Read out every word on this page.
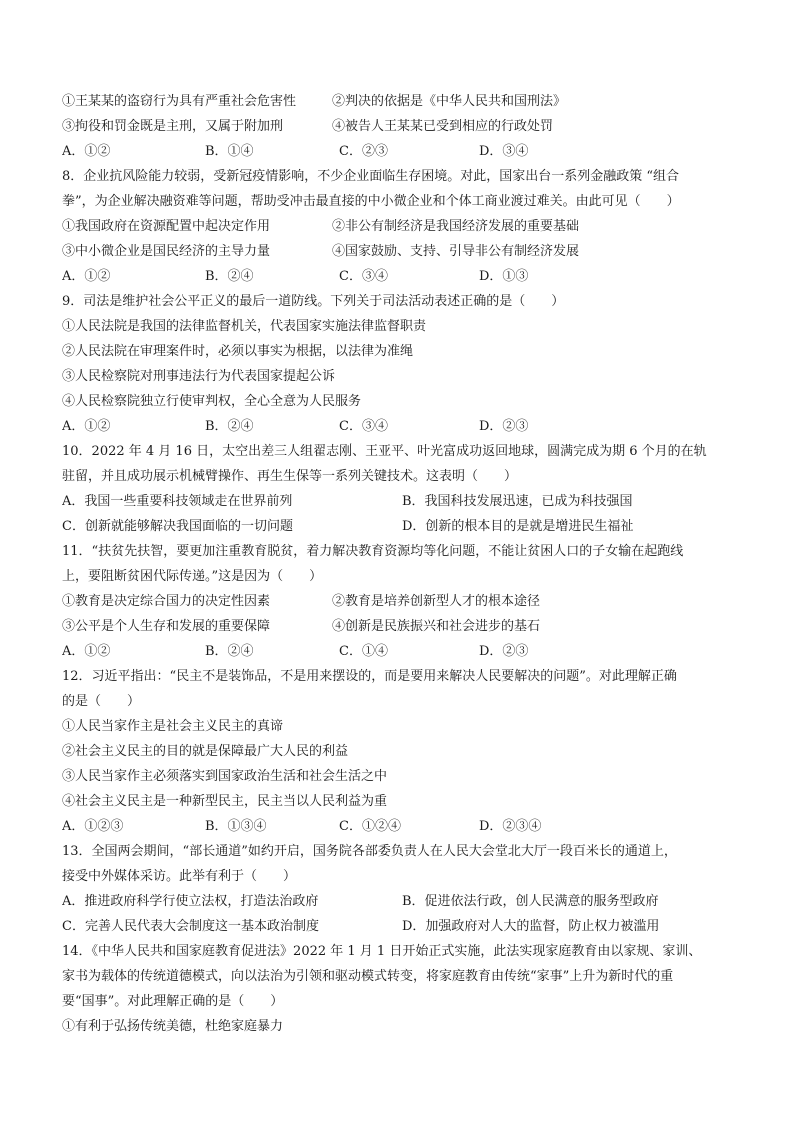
①王某某的盗窃行为具有严重社会危害性	②判决的依据是《中华人民共和国刑法》
③拘役和罚金既是主刑，又属于附加刑	④被告人王某某已受到相应的行政处罚
A．①②	B．①④	C．②③	D．③④
8．企业抗风险能力较弱，受新冠疫情影响，不少企业面临生存困境。对此，国家出台一系列金融政策 “组合
拳”，为企业解决融资难等问题，帮助受冲击最直接的中小微企业和个体工商业渡过难关。由此可见（　　）
①我国政府在资源配置中起决定作用	②非公有制经济是我国经济发展的重要基础
③中小微企业是国民经济的主导力量	④国家鼓励、支持、引导非公有制经济发展
A．①②	B．②④	C．③④	D．①③
9．司法是维护社会公平正义的最后一道防线。下列关于司法活动表述正确的是（　　）
①人民法院是我国的法律监督机关，代表国家实施法律监督职责
②人民法院在审理案件时，必须以事实为根据，以法律为准绳
③人民检察院对刑事违法行为代表国家提起公诉
④人民检察院独立行使审判权，全心全意为人民服务
A．①②	B．②④	C．③④	D．②③
10．2022 年 4 月 16 日，太空出差三人组翟志刚、王亚平、叶光富成功返回地球，圆满完成为期 6 个月的在轨
驻留，并且成功展示机械臂操作、再生生保等一系列关键技术。这表明（　　）
A．我国一些重要科技领域走在世界前列	B．我国科技发展迅速，已成为科技强国
C．创新就能够解决我国面临的一切问题	D．创新的根本目的是就是增进民生福祉
11．“扶贫先扶智，要更加注重教育脱贫，着力解决教育资源均等化问题，不能让贫困人口的子女输在起跑线
上，要阻断贫困代际传递。”这是因为（　　）
①教育是决定综合国力的决定性因素	②教育是培养创新型人才的根本途径
③公平是个人生存和发展的重要保障	④创新是民族振兴和社会进步的基石
A．①②	B．②④	C．①④	D．②③
12．习近平指出：“民主不是装饰品，不是用来摆设的，而是要用来解决人民要解决的问题”。对此理解正确
的是（　　）
①人民当家作主是社会主义民主的真谛
②社会主义民主的目的就是保障最广大人民的利益
③人民当家作主必须落实到国家政治生活和社会生活之中
④社会主义民主是一种新型民主，民主当以人民利益为重
A．①②③	B．①③④	C．①②④	D．②③④
13．全国两会期间，“部长通道”如约开启，国务院各部委负责人在人民大会堂北大厅一段百米长的通道上，
接受中外媒体采访。此举有利于（　　）
A．推进政府科学行使立法权，打造法治政府	B．促进依法行政，创人民满意的服务型政府
C．完善人民代表大会制度这一基本政治制度	D．加强政府对人大的监督，防止权力被滥用
14．《中华人民共和国家庭教育促进法》2022 年 1 月 1 日开始正式实施，此法实现家庭教育由以家规、家训、
家书为载体的传统道德模式，向以法治为引领和驱动模式转变，将家庭教育由传统“家事”上升为新时代的重
要“国事”。对此理解正确的是（　　）
①有利于弘扬传统美德，杜绝家庭暴力
